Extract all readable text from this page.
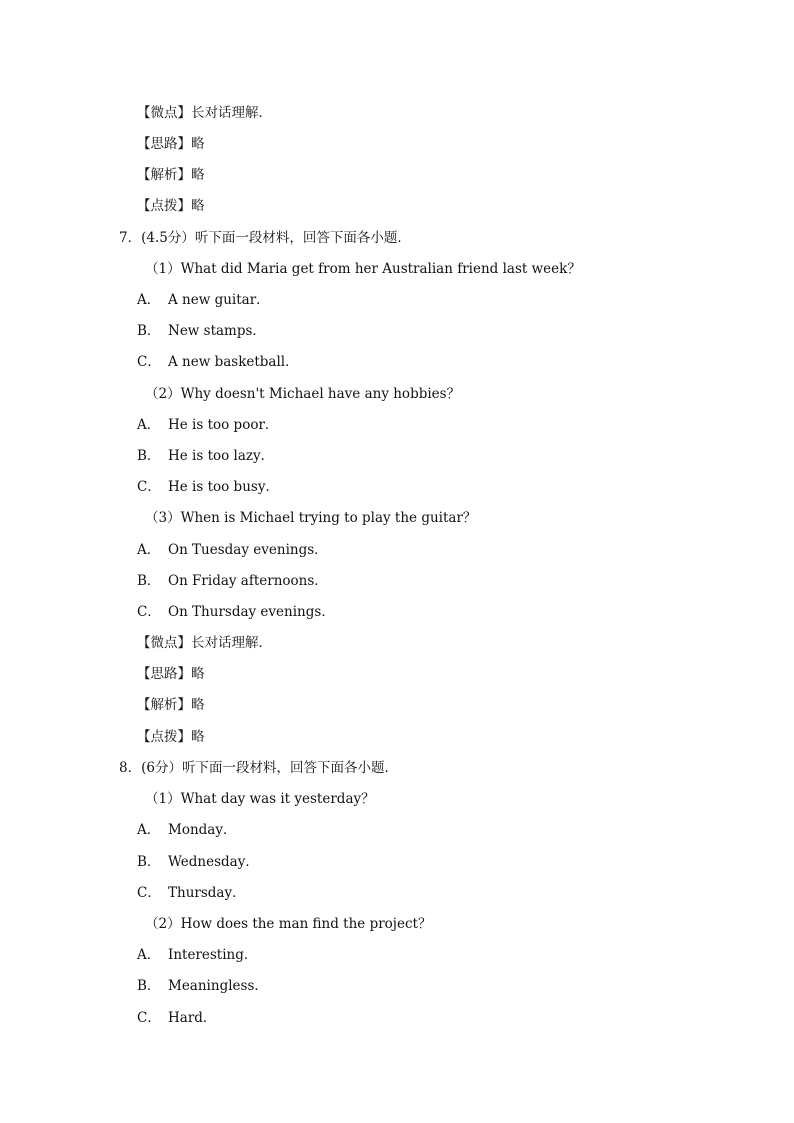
【微点】长对话理解．
【思路】略
【解析】略
【点拨】略
7．(4.5分）听下面一段材料，回答下面各小题．
（1）What did Maria get from her Australian friend last week？
A． A new guitar．
B． New stamps．
C． A new basketball．
（2）Why doesn't Michael have any hobbies？
A． He is too poor．
B． He is too lazy．
C． He is too busy．
（3）When is Michael trying to play the guitar？
A． On Tuesday evenings．
B． On Friday afternoons．
C． On Thursday evenings．
【微点】长对话理解．
【思路】略
【解析】略
【点拨】略
8．(6分）听下面一段材料，回答下面各小题．
（1）What day was it yesterday？
A． Monday．
B． Wednesday．
C． Thursday．
（2）How does the man find the project？
A． Interesting．
B． Meaningless．
C． Hard．
